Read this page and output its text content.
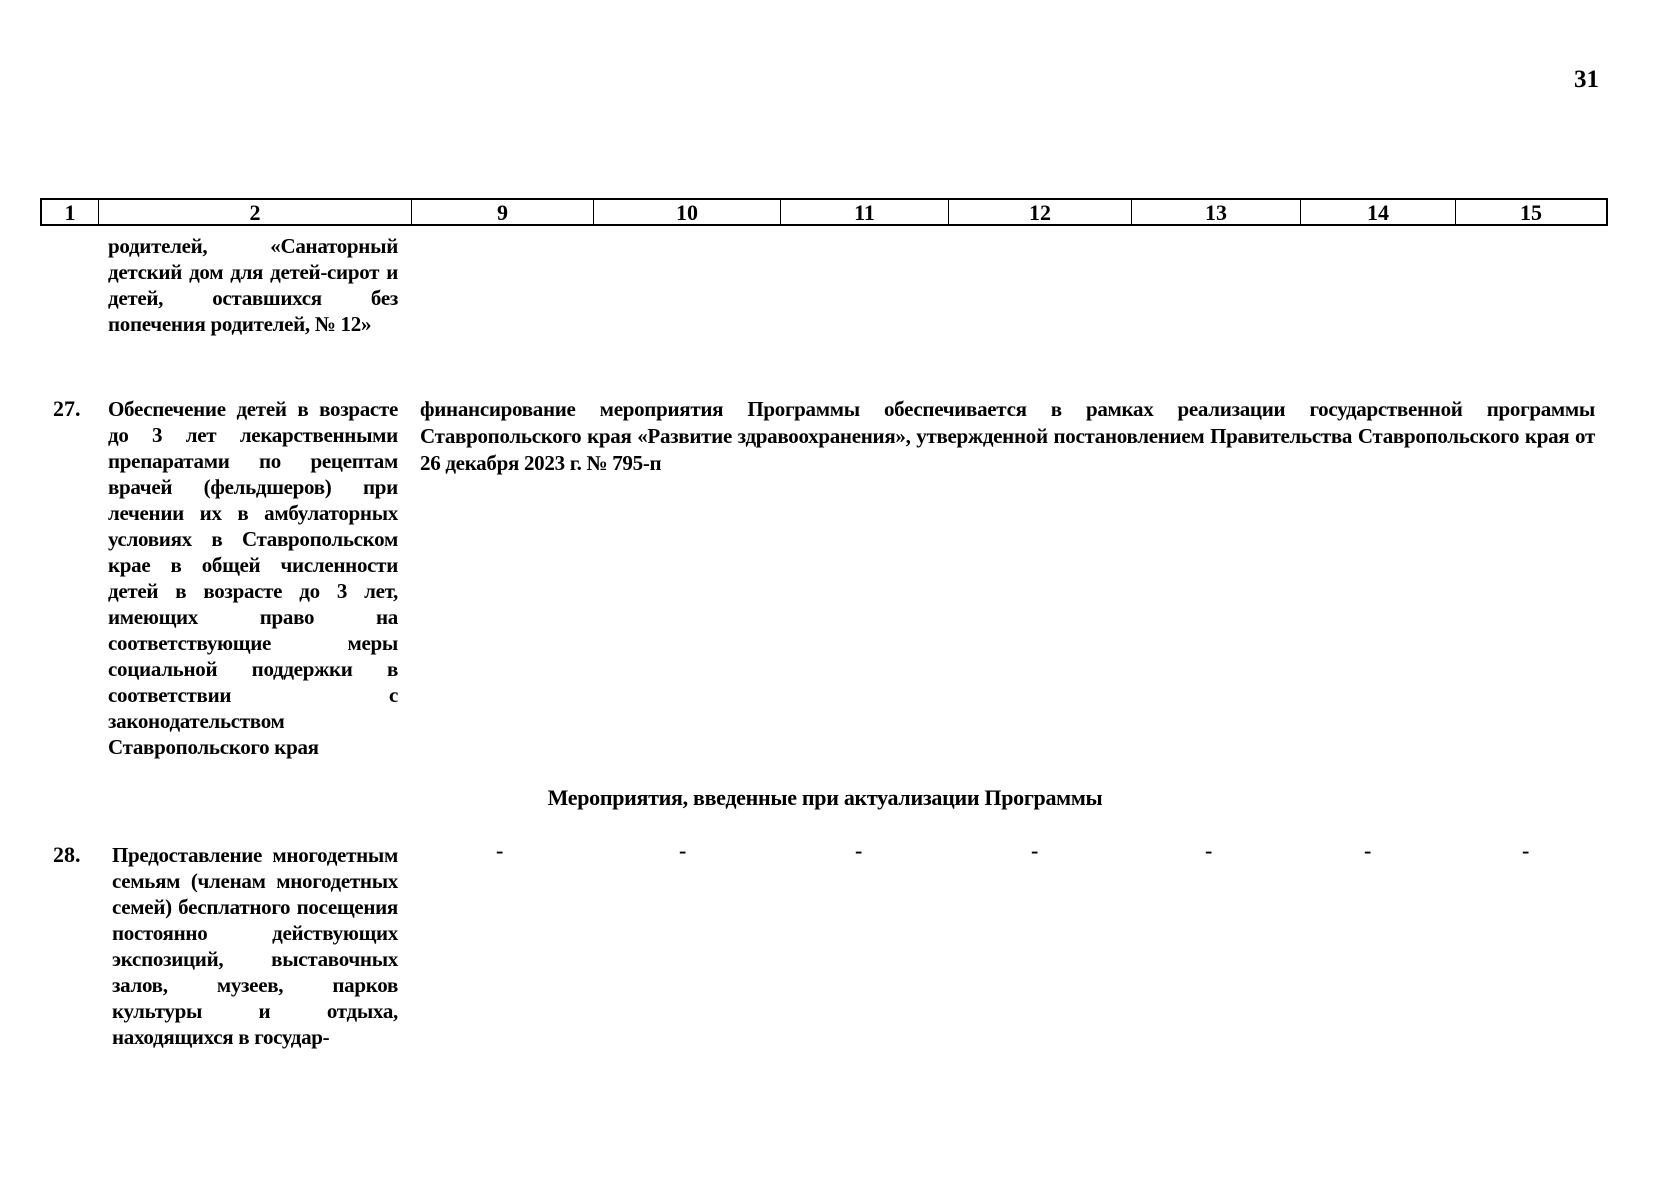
31
1	2	9	10	11	12	13	14	15
родителей, «Санаторный детский дом для детей-сирот и детей, оставшихся без попечения родителей, № 12»
27. Обеспечение детей в возрасте до 3 лет лекарственными препаратами по рецептам врачей (фельдшеров) при лечении их в амбулаторных условиях в Ставропольском крае в общей численности детей в возрасте до 3 лет, имеющих право на соответствующие меры социальной поддержки в соответствии с законодательством Ставропольского края
финансирование мероприятия Программы обеспечивается в рамках реализации государственной программы Ставропольского края «Развитие здравоохранения», утвержденной постановлением Правительства Ставропольского края от 26 декабря 2023 г. № 795-п
Мероприятия, введенные при актуализации Программы
28. Предоставление многодетным семьям (членам многодетных семей) бесплатного посещения постоянно действующих экспозиций, выставочных залов, музеев, парков культуры и отдыха, находящихся в государ-
-	-	-	-	-	-	-
